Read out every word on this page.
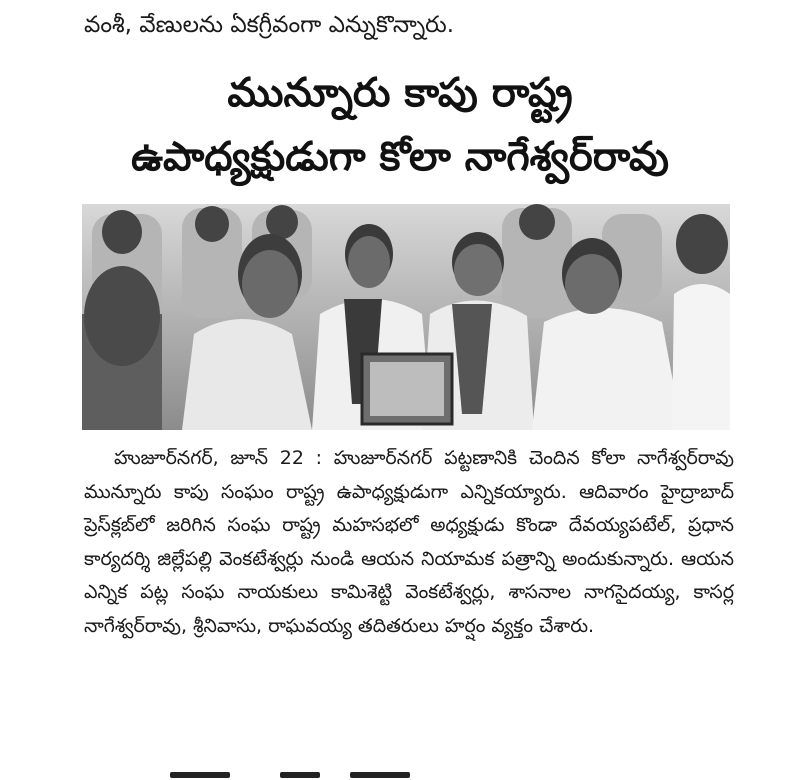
వంశీ, వేణులను ఏకగ్రీవంగా ఎన్నుకొన్నారు.
మున్నూరు కాపు రాష్ట్ర
ఉపాధ్యక్షుడుగా కోలా నాగేశ్వర్‌రావు

హుజూర్‌నగర్, జూన్ 22 : హుజూర్‌నగర్ పట్టణానికి చెందిన కోలా నాగేశ్వర్‌రావు మున్నూరు కాపు సంఘం రాష్ట్ర ఉపాధ్యక్షుడుగా ఎన్నికయ్యారు. ఆదివారం హైద్రాబాద్ ప్రెస్‌క్లబ్‌లో జరిగిన సంఘ రాష్ట్ర మహసభలో అధ్యక్షుడు కొండా దేవయ్యపటేల్, ప్రధాన కార్యదర్శి జిల్లేపల్లి వెంకటేశ్వర్లు నుండి ఆయన నియామక పత్రాన్ని అందుకున్నారు. ఆయన ఎన్నిక పట్ల సంఘ నాయకులు కామిశెట్టి వెంకటేశ్వర్లు, శాసనాల నాగసైదయ్య, కాసర్ల నాగేశ్వర్‌రావు, శ్రీనివాసు, రాఘవయ్య తదితరులు హర్షం వ్యక్తం చేశారు.
